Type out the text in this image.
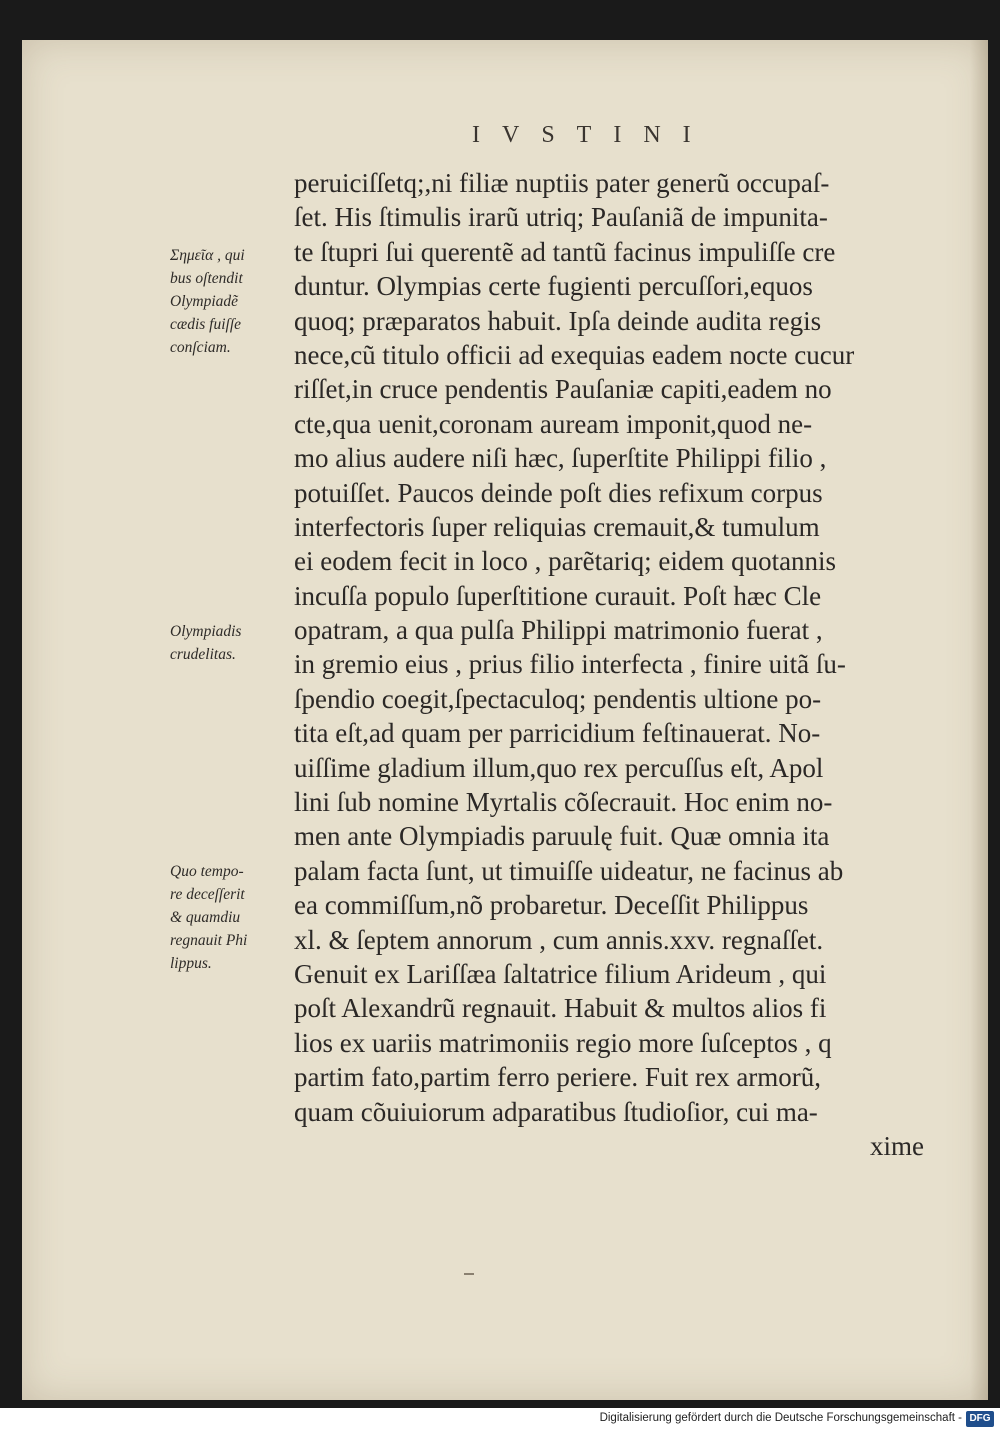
IVSTINI
peruiciſſetq;,ni filiæ nuptiis pater generũ occupaſ-
ſet. His ſtimulis irarũ utriq; Pauſaniã de impunita-
te ſtupri ſui querentẽ ad tantũ facinus impuliſſe cre
duntur. Olympias certe fugienti percuſſori,equos
quoq; præparatos habuit. Ipſa deinde audita regis
nece,cũ titulo officii ad exequias eadem nocte cucur
riſſet,in cruce pendentis Pauſaniæ capiti,eadem no
cte,qua uenit,coronam auream imponit,quod ne-
mo alius audere niſi hæc, ſuperſtite Philippi filio ,
potuiſſet. Paucos deinde poſt dies refixum corpus
interfectoris ſuper reliquias cremauit,& tumulum
ei eodem fecit in loco , parẽtariq; eidem quotannis
incuſſa populo ſuperſtitione curauit. Poſt hæc Cle
opatram, a qua pulſa Philippi matrimonio fuerat ,
in gremio eius , prius filio interfecta , finire uitã ſu-
ſpendio coegit,ſpectaculoq; pendentis ultione po-
tita eſt,ad quam per parricidium feſtinauerat. No-
uiſſime gladium illum,quo rex percuſſus eſt, Apol
lini ſub nomine Myrtalis cõſecrauit. Hoc enim no-
men ante Olympiadis paruulę fuit. Quæ omnia ita
palam facta ſunt, ut timuiſſe uideatur, ne facinus ab
ea commiſſum,nõ probaretur. Deceſſit Philippus
xl. & ſeptem annorum , cum annis.xxv. regnaſſet.
Genuit ex Lariſſæa ſaltatrice filium Arideum , qui
poſt Alexandrũ regnauit. Habuit & multos alios fi
lios ex uariis matrimoniis regio more ſuſceptos , q
partim fato,partim ferro periere. Fuit rex armorũ,
quam cõuiuiorum adparatibus ſtudioſior, cui ma-
xime
Σημεῖα , qui
bus oſtendit
Olympiadẽ
cædis fuiſſe
conſciam.
Olympiadis
crudelitas.
Quo tempo-
re deceſſerit
& quamdiu
regnauit Phi
lippus.
Digitalisierung gefördert durch die Deutsche Forschungsgemeinschaft - DFG
